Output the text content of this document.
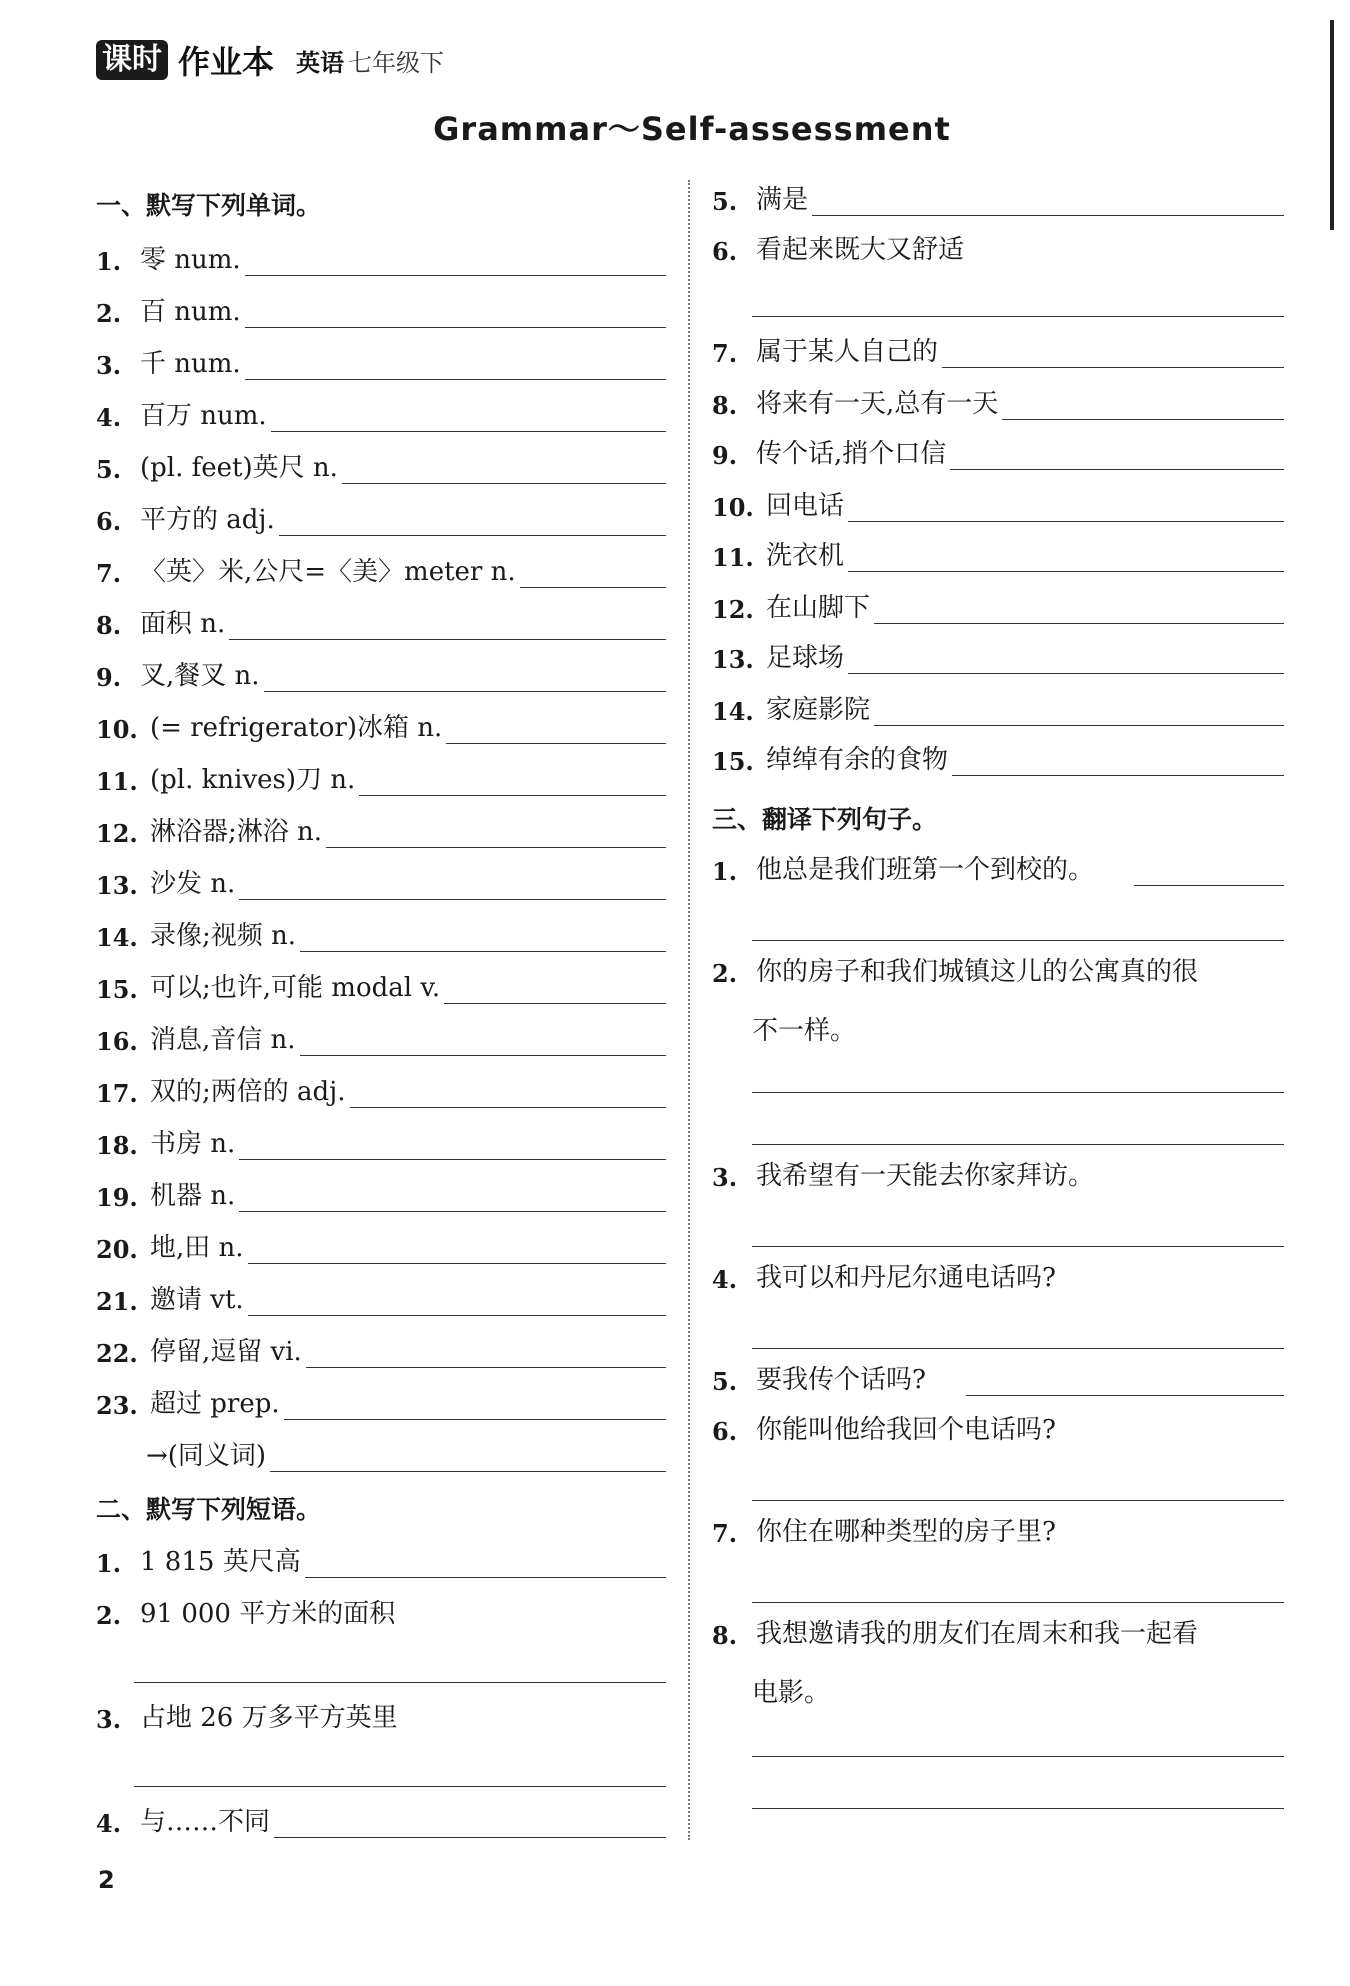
课时 作业本 英语 七年级下
Grammar～Self-assessment
一、默写下列单词。
1. 零 num.
2. 百 num.
3. 千 num.
4. 百万 num.
5. (pl. feet)英尺 n.
6. 平方的 adj.
7. 〈英〉米,公尺=〈美〉meter n.
8. 面积 n.
9. 叉,餐叉 n.
10. (= refrigerator)冰箱 n.
11. (pl. knives)刀 n.
12. 淋浴器;淋浴 n.
13. 沙发 n.
14. 录像;视频 n.
15. 可以;也许,可能 modal v.
16. 消息,音信 n.
17. 双的;两倍的 adj.
18. 书房 n.
19. 机器 n.
20. 地,田 n.
21. 邀请 vt.
22. 停留,逗留 vi.
23. 超过 prep.
→(同义词)
二、默写下列短语。
1. 1 815 英尺高
2. 91 000 平方米的面积
3. 占地 26 万多平方英里
4. 与……不同
5. 满是
6. 看起来既大又舒适
7. 属于某人自己的
8. 将来有一天,总有一天
9. 传个话,捎个口信
10. 回电话
11. 洗衣机
12. 在山脚下
13. 足球场
14. 家庭影院
15. 绰绰有余的食物
三、翻译下列句子。
1. 他总是我们班第一个到校的。
2. 你的房子和我们城镇这儿的公寓真的很
不一样。
3. 我希望有一天能去你家拜访。
4. 我可以和丹尼尔通电话吗?
5. 要我传个话吗?
6. 你能叫他给我回个电话吗?
7. 你住在哪种类型的房子里?
8. 我想邀请我的朋友们在周末和我一起看
电影。
2
